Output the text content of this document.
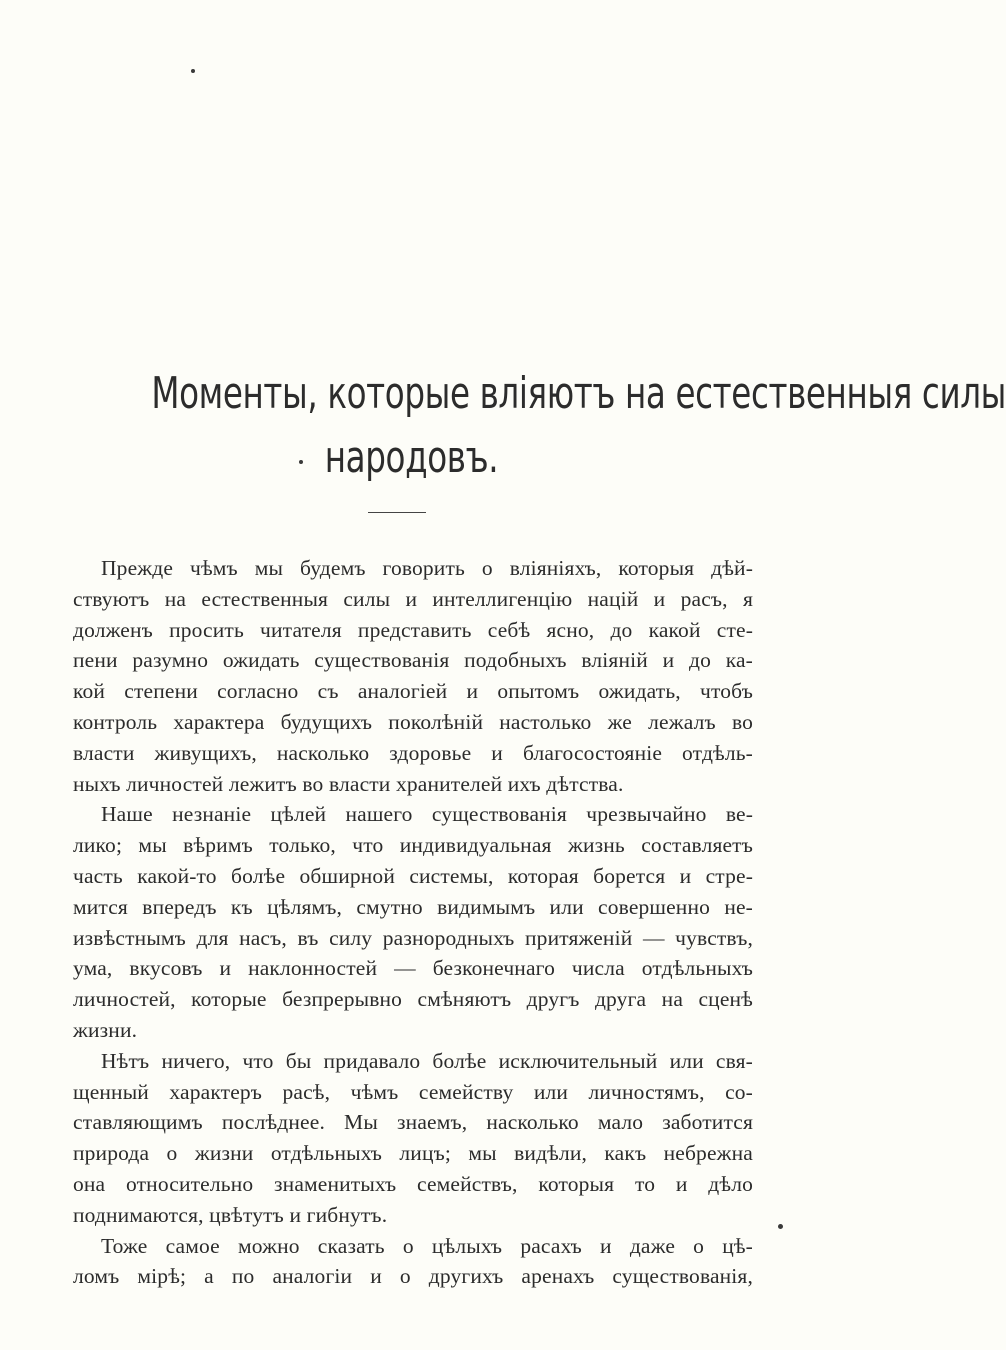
Моменты, которые вліяютъ на естественныя силы
народовъ.
Прежде чѣмъ мы будемъ говорить о вліяніяхъ, которыя дѣй-
ствуютъ на естественныя силы и интеллигенцію націй и расъ, я
долженъ просить читателя представить себѣ ясно, до какой сте-
пени разумно ожидать существованія подобныхъ вліяній и до ка-
кой степени согласно съ аналогіей и опытомъ ожидать, чтобъ
контроль характера будущихъ поколѣній настолько же лежалъ во
власти живущихъ, насколько здоровье и благосостояніе отдѣль-
ныхъ личностей лежитъ во власти хранителей ихъ дѣтства.
Наше незнаніе цѣлей нашего существованія чрезвычайно ве-
лико; мы вѣримъ только, что индивидуальная жизнь составляетъ
часть какой-то болѣе обширной системы, которая борется и стре-
мится впередъ къ цѣлямъ, смутно видимымъ или совершенно не-
извѣстнымъ для насъ, въ силу разнородныхъ притяженій — чувствъ,
ума, вкусовъ и наклонностей — безконечнаго числа отдѣльныхъ
личностей, которые безпрерывно смѣняютъ другъ друга на сценѣ
жизни.
Нѣтъ ничего, что бы придавало болѣе исключительный или свя-
щенный характеръ расѣ, чѣмъ семейству или личностямъ, со-
ставляющимъ послѣднее. Мы знаемъ, насколько мало заботится
природа о жизни отдѣльныхъ лицъ; мы видѣли, какъ небрежна
она относительно знаменитыхъ семействъ, которыя то и дѣло
поднимаются, цвѣтутъ и гибнутъ.
Тоже самое можно сказать о цѣлыхъ расахъ и даже о цѣ-
ломъ мірѣ; а по аналогіи и о другихъ аренахъ существованія,
